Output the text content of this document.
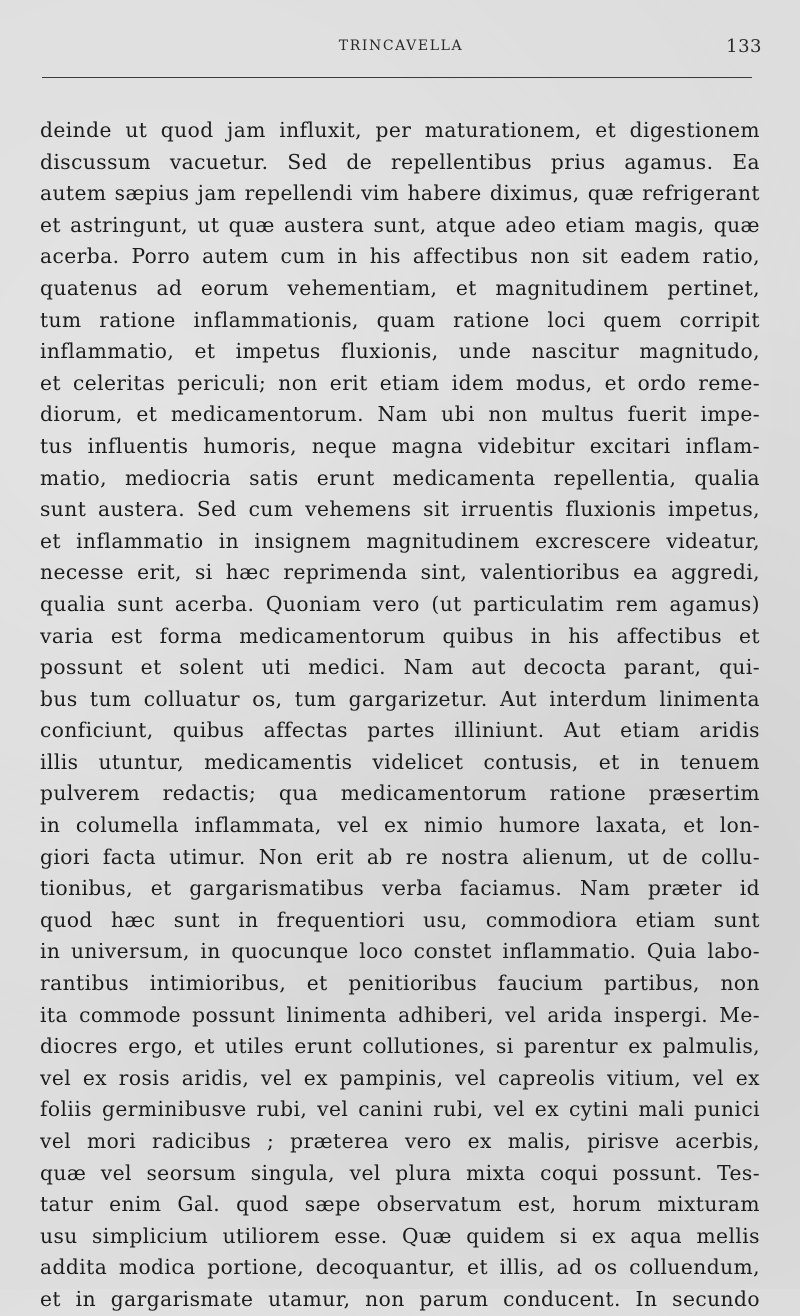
TRINCAVELLA	133
deinde ut quod jam influxit, per maturationem, et digestionem
discussum vacuetur. Sed de repellentibus prius agamus. Ea
autem sæpius jam repellendi vim habere diximus, quæ refrigerant
et astringunt, ut quæ austera sunt, atque adeo etiam magis, quæ
acerba. Porro autem cum in his affectibus non sit eadem ratio,
quatenus ad eorum vehementiam, et magnitudinem pertinet,
tum ratione inflammationis, quam ratione loci quem corripit
inflammatio, et impetus fluxionis, unde nascitur magnitudo,
et celeritas periculi; non erit etiam idem modus, et ordo reme-
diorum, et medicamentorum. Nam ubi non multus fuerit impe-
tus influentis humoris, neque magna videbitur excitari inflam-
matio, mediocria satis erunt medicamenta repellentia, qualia
sunt austera. Sed cum vehemens sit irruentis fluxionis impetus,
et inflammatio in insignem magnitudinem excrescere videatur,
necesse erit, si hæc reprimenda sint, valentioribus ea aggredi,
qualia sunt acerba. Quoniam vero (ut particulatim rem agamus)
varia est forma medicamentorum quibus in his affectibus et
possunt et solent uti medici. Nam aut decocta parant, qui-
bus tum colluatur os, tum gargarizetur. Aut interdum linimenta
conficiunt, quibus affectas partes illiniunt. Aut etiam aridis
illis utuntur, medicamentis videlicet contusis, et in tenuem
pulverem redactis; qua medicamentorum ratione præsertim
in columella inflammata, vel ex nimio humore laxata, et lon-
giori facta utimur. Non erit ab re nostra alienum, ut de collu-
tionibus, et gargarismatibus verba faciamus. Nam præter id
quod hæc sunt in frequentiori usu, commodiora etiam sunt
in universum, in quocunque loco constet inflammatio. Quia labo-
rantibus intimioribus, et penitioribus faucium partibus, non
ita commode possunt linimenta adhiberi, vel arida inspergi. Me-
diocres ergo, et utiles erunt collutiones, si parentur ex palmulis,
vel ex rosis aridis, vel ex pampinis, vel capreolis vitium, vel ex
foliis germinibusve rubi, vel canini rubi, vel ex cytini mali punici
vel mori radicibus ; præterea vero ex malis, pirisve acerbis,
quæ vel seorsum singula, vel plura mixta coqui possunt. Tes-
tatur enim Gal. quod sæpe observatum est, horum mixturam
usu simplicium utiliorem esse. Quæ quidem si ex aqua mellis
addita modica portione, decoquantur, et illis, ad os colluendum,
et in gargarismate utamur, non parum conducent. In secundo
